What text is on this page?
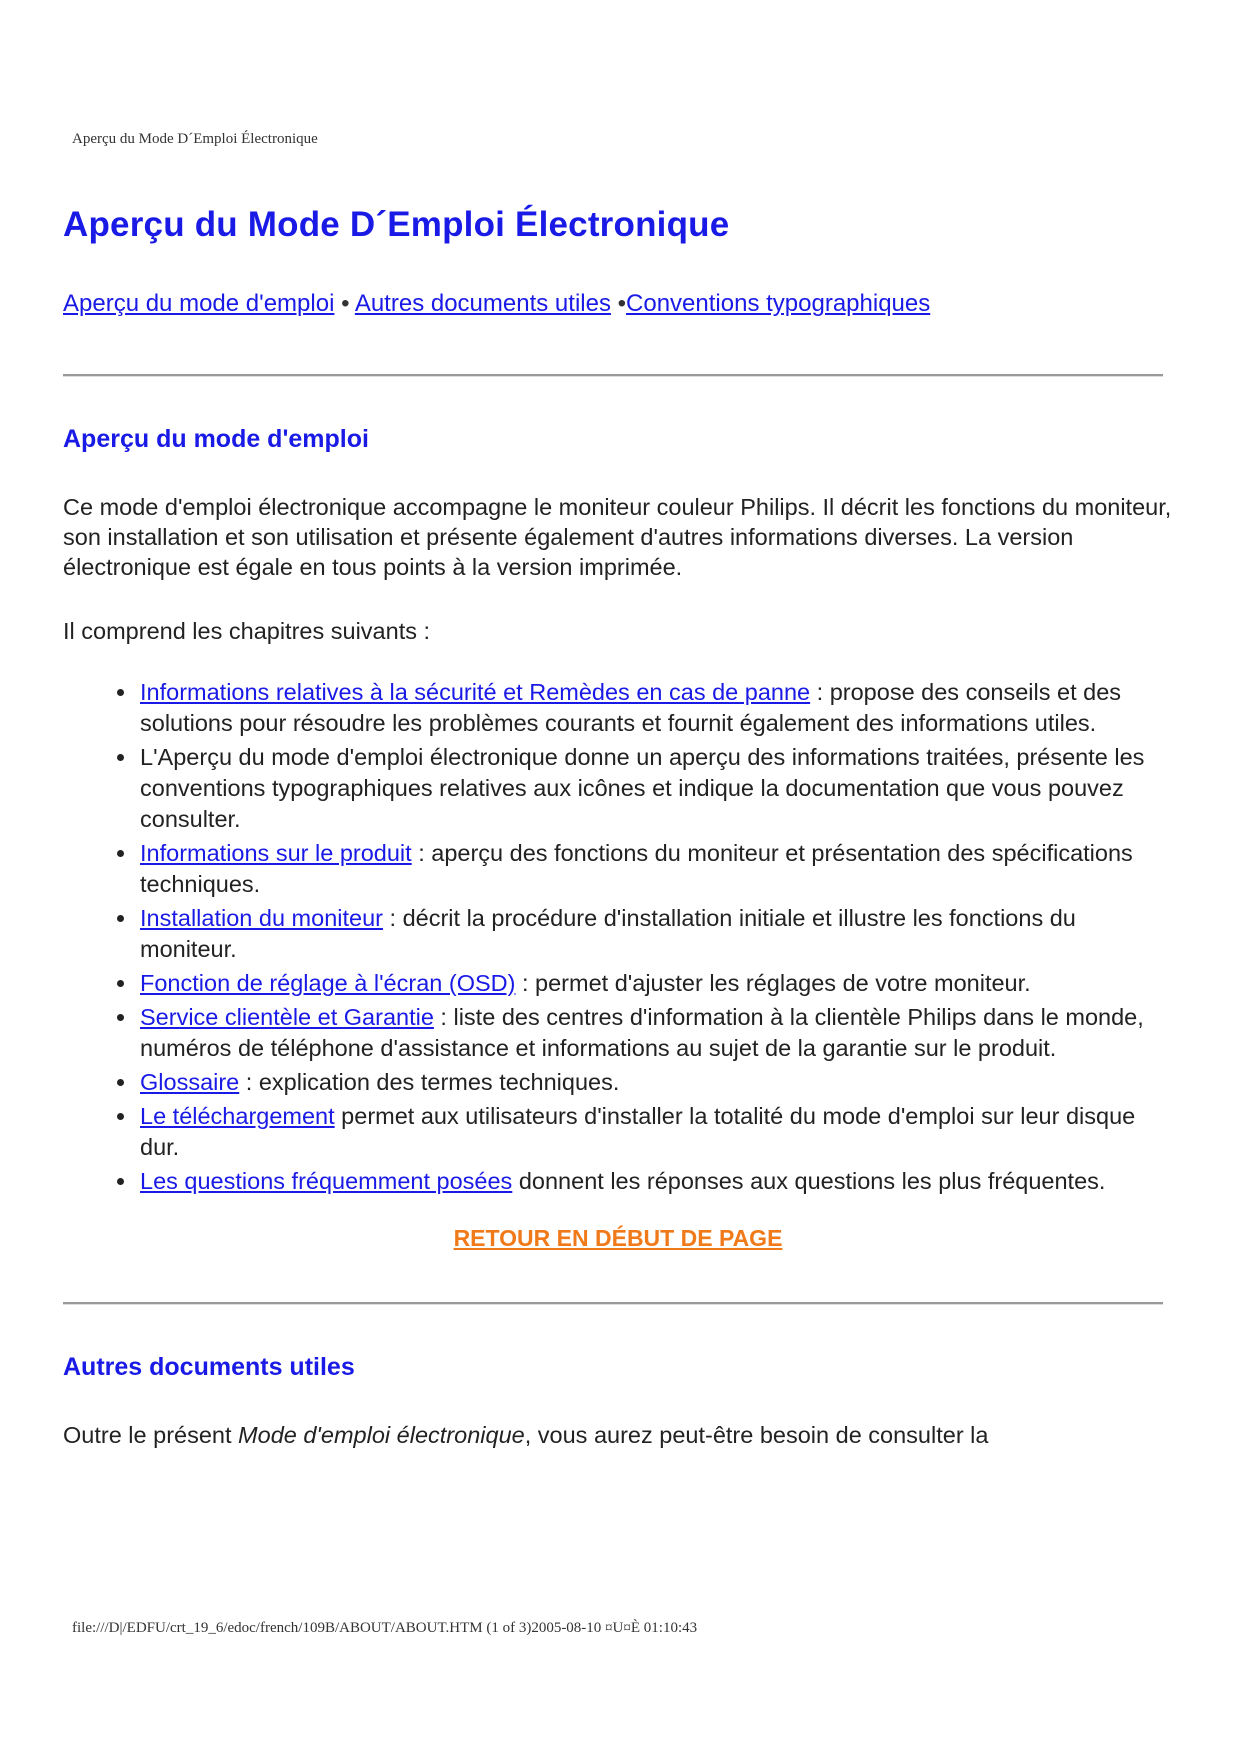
Aperçu du Mode D´Emploi Électronique
Aperçu du Mode D´Emploi Électronique
Aperçu du mode d'emploi • Autres documents utiles •Conventions typographiques
Aperçu du mode d'emploi

Ce mode d'emploi électronique accompagne le moniteur couleur Philips. Il décrit les fonctions du moniteur, son installation et son utilisation et présente également d'autres informations diverses. La version électronique est égale en tous points à la version imprimée.

Il comprend les chapitres suivants :

• Informations relatives à la sécurité et Remèdes en cas de panne : propose des conseils et des solutions pour résoudre les problèmes courants et fournit également des informations utiles.
• L'Aperçu du mode d'emploi électronique donne un aperçu des informations traitées, présente les conventions typographiques relatives aux icônes et indique la documentation que vous pouvez consulter.
• Informations sur le produit : aperçu des fonctions du moniteur et présentation des spécifications techniques.
• Installation du moniteur : décrit la procédure d'installation initiale et illustre les fonctions du moniteur.
• Fonction de réglage à l'écran (OSD) : permet d'ajuster les réglages de votre moniteur.
• Service clientèle et Garantie : liste des centres d'information à la clientèle Philips dans le monde, numéros de téléphone d'assistance et informations au sujet de la garantie sur le produit.
• Glossaire : explication des termes techniques.
• Le téléchargement permet aux utilisateurs d'installer la totalité du mode d'emploi sur leur disque dur.
• Les questions fréquemment posées donnent les réponses aux questions les plus fréquentes.
RETOUR EN DÉBUT DE PAGE
Autres documents utiles

Outre le présent Mode d'emploi électronique, vous aurez peut-être besoin de consulter la

file:///D|/EDFU/crt_19_6/edoc/french/109B/ABOUT/ABOUT.HTM (1 of 3)2005-08-10 ¤U¤È 01:10:43
